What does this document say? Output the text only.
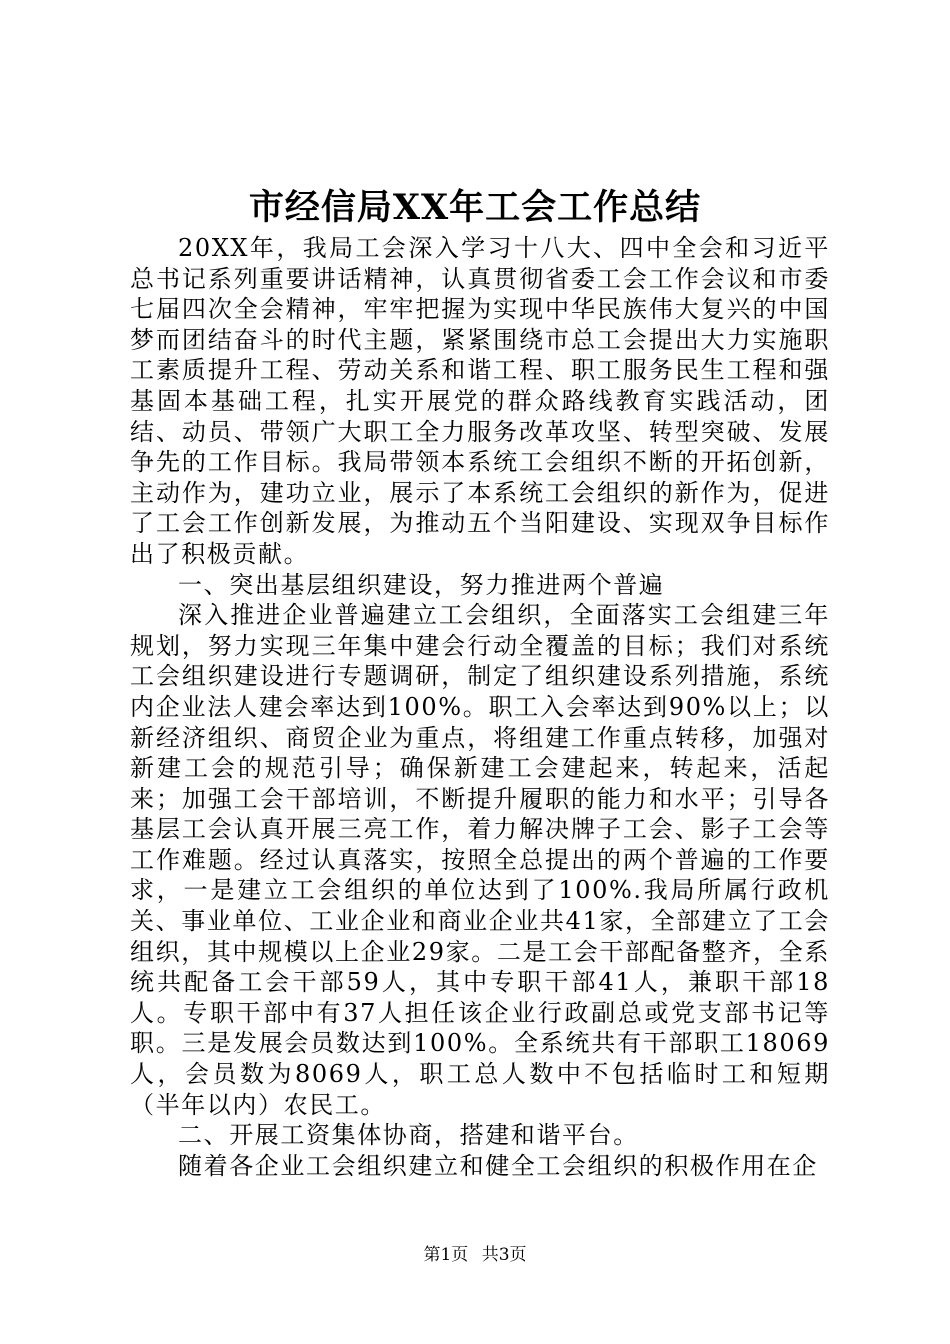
市经信局XX年工会工作总结

20XX年，我局工会深入学习十八大、四中全会和习近平总书记系列重要讲话精神，认真贯彻省委工会工作会议和市委七届四次全会精神，牢牢把握为实现中华民族伟大复兴的中国梦而团结奋斗的时代主题，紧紧围绕市总工会提出大力实施职工素质提升工程、劳动关系和谐工程、职工服务民生工程和强基固本基础工程，扎实开展党的群众路线教育实践活动，团结、动员、带领广大职工全力服务改革攻坚、转型突破、发展争先的工作目标。我局带领本系统工会组织不断的开拓创新，主动作为，建功立业，展示了本系统工会组织的新作为，促进了工会工作创新发展，为推动五个当阳建设、实现双争目标作出了积极贡献。

一、突出基层组织建设，努力推进两个普遍

深入推进企业普遍建立工会组织，全面落实工会组建三年规划，努力实现三年集中建会行动全覆盖的目标；我们对系统工会组织建设进行专题调研，制定了组织建设系列措施，系统内企业法人建会率达到100%。职工入会率达到90%以上；以新经济组织、商贸企业为重点，将组建工作重点转移，加强对新建工会的规范引导；确保新建工会建起来，转起来，活起来；加强工会干部培训，不断提升履职的能力和水平；引导各基层工会认真开展三亮工作，着力解决牌子工会、影子工会等工作难题。经过认真落实，按照全总提出的两个普遍的工作要求，一是建立工会组织的单位达到了100%.我局所属行政机关、事业单位、工业企业和商业企业共41家，全部建立了工会组织，其中规模以上企业29家。二是工会干部配备整齐，全系统共配备工会干部59人，其中专职干部41人，兼职干部18人。专职干部中有37人担任该企业行政副总或党支部书记等职。三是发展会员数达到100%。全系统共有干部职工18069人，会员数为8069人，职工总人数中不包括临时工和短期（半年以内）农民工。

二、开展工资集体协商，搭建和谐平台。

随着各企业工会组织建立和健全工会组织的积极作用在企

第1页 共3页
